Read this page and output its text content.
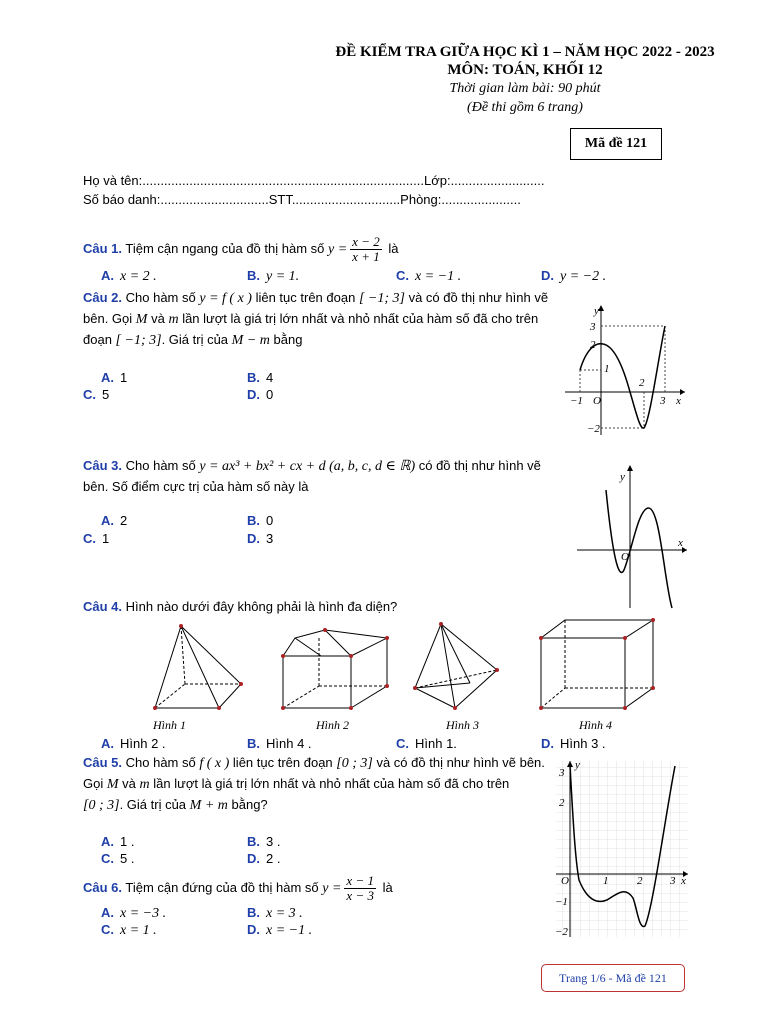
ĐỀ KIỂM TRA GIỮA HỌC KÌ 1 – NĂM HỌC 2022 - 2023
MÔN: TOÁN, KHỐI 12
Thời gian làm bài: 90 phút
(Đề thi gồm 6 trang)
Mã đề 121
Họ và tên:..............................................................................Lớp:..........................
Số báo danh:..............................STT..............................Phòng:......................
Câu 1. Tiệm cận ngang của đồ thị hàm số $y = \frac{x - 2}{x + 1}$ là
A. x = 2 .	B. y = 1.	C. x = −1 .	D. y = −2 .
Câu 2. Cho hàm số y = f ( x ) liên tục trên đoạn [ −1; 3] và có đồ thị như hình vẽ
bên. Gọi M và m lần lượt là giá trị lớn nhất và nhỏ nhất của hàm số đã cho trên
đoạn [ −1; 3]. Giá trị của M − m bằng
A. 1	B. 4
C. 5	D. 0
3
2
1
−2
y
−1 O
2
3 x
Câu 3. Cho hàm số y = ax³ + bx² + cx + d (a, b, c, d ∈ ℝ) có đồ thị như hình vẽ
bên. Số điểm cực trị của hàm số này là
A. 2	B. 0
C. 1	D. 3
y
x
O
Câu 4. Hình nào dưới đây không phải là hình đa diện?
Hình 1	Hình 2	Hình 3	Hình 4
A. Hình 2 .	B. Hình 4 .	C. Hình 1.	D. Hình 3 .
Câu 5. Cho hàm số f ( x ) liên tục trên đoạn [0 ; 3] và có đồ thị như hình vẽ bên.
Gọi M và m lần lượt là giá trị lớn nhất và nhỏ nhất của hàm số đã cho trên
[0 ; 3]. Giá trị của M + m bằng?
A. 1 .	B. 3 .
C. 5 .	D. 2 .
3
2
−1
−2
y
O	1	2	3 x
Câu 6. Tiệm cận đứng của đồ thị hàm số $y = \frac{x - 1}{x - 3}$ là
A. x = −3 .	B. x = 3 .
C. x = 1 .	D. x = −1 .
Trang 1/6 - Mã đề 121
